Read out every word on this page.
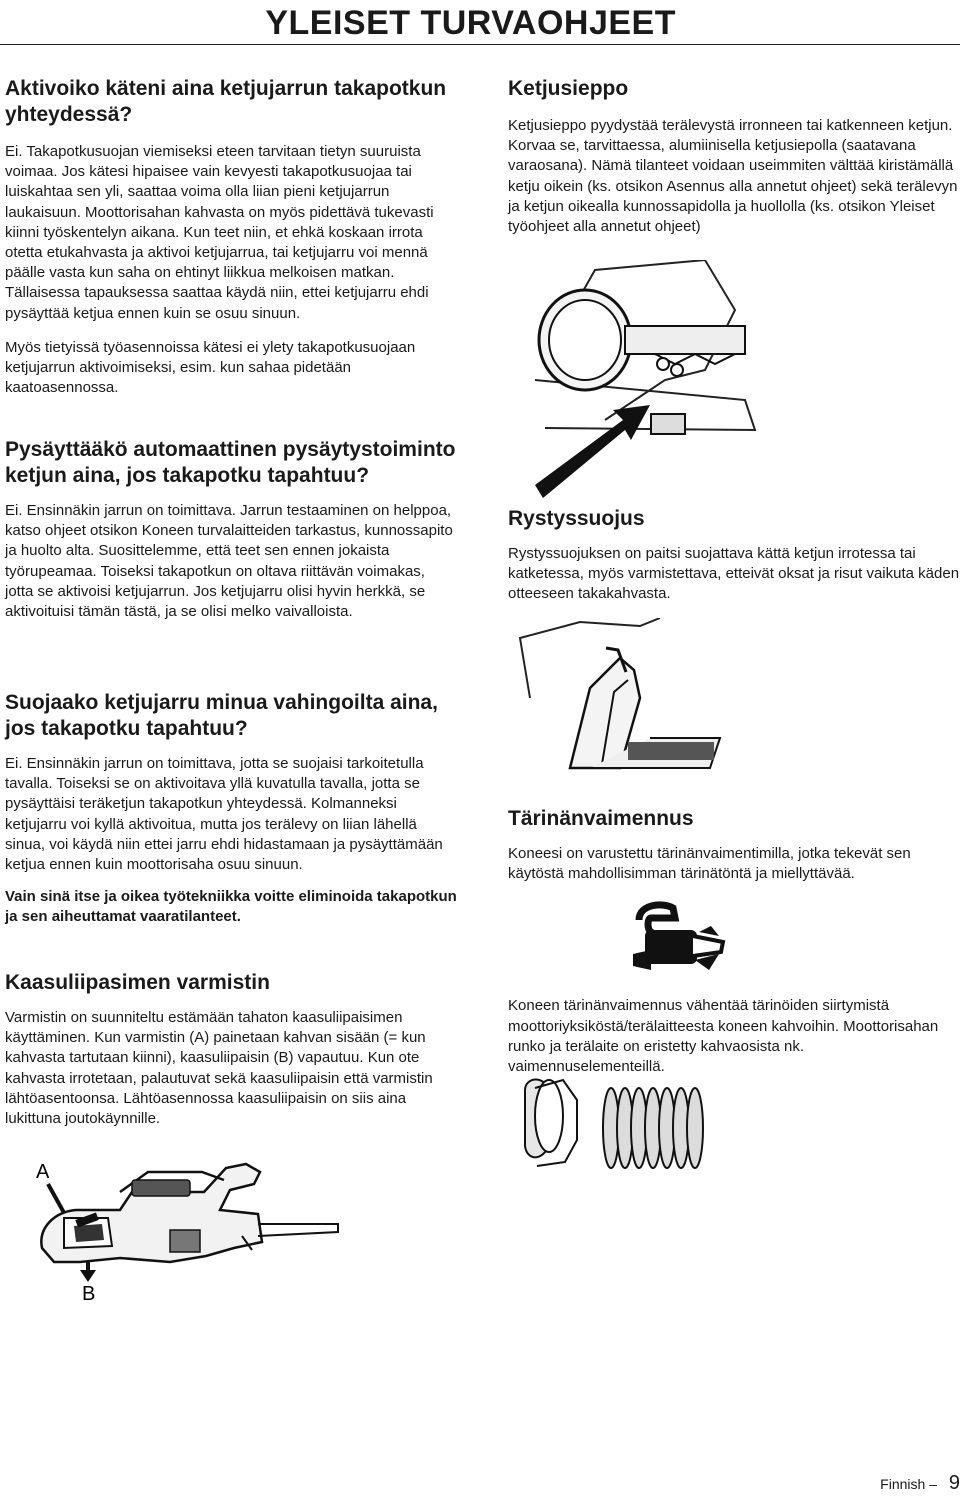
YLEISET TURVAOHJEET
Aktivoiko käteni aina ketjujarrun takapotkun yhteydessä?

Ei. Takapotkusuojan viemiseksi eteen tarvitaan tietyn suuruista voimaa. Jos kätesi hipaisee vain kevyesti takapotkusuojaa tai luiskahtaa sen yli, saattaa voima olla liian pieni ketjujarrun laukaisuun. Moottorisahan kahvasta on myös pidettävä tukevasti kiinni työskentelyn aikana. Kun teet niin, et ehkä koskaan irrota otetta etukahvasta ja aktivoi ketjujarrua, tai ketjujarru voi mennä päälle vasta kun saha on ehtinyt liikkua melkoisen matkan. Tällaisessa tapauksessa saattaa käydä niin, ettei ketjujarru ehdi pysäyttää ketjua ennen kuin se osuu sinuun.

Myös tietyissä työasennoissa kätesi ei ylety takapotkusuojaan ketjujarrun aktivoimiseksi, esim. kun sahaa pidetään kaatoasennossa.

Pysäyttääkö automaattinen pysäytystoiminto ketjun aina, jos takapotku tapahtuu?

Ei. Ensinnäkin jarrun on toimittava. Jarrun testaaminen on helppoa, katso ohjeet otsikon Koneen turvalaitteiden tarkastus, kunnossapito ja huolto alta. Suosittelemme, että teet sen ennen jokaista työrupeamaa. Toiseksi takapotkun on oltava riittävän voimakas, jotta se aktivoisi ketjujarrun. Jos ketjujarru olisi hyvin herkkä, se aktivoituisi tämän tästä, ja se olisi melko vaivalloista.

Suojaako ketjujarru minua vahingoilta aina, jos takapotku tapahtuu?

Ei. Ensinnäkin jarrun on toimittava, jotta se suojaisi tarkoitetulla tavalla. Toiseksi se on aktivoitava yllä kuvatulla tavalla, jotta se pysäyttäisi teräketjun takapotkun yhteydessä. Kolmanneksi ketjujarru voi kyllä aktivoitua, mutta jos terälevy on liian lähellä sinua, voi käydä niin ettei jarru ehdi hidastamaan ja pysäyttämään ketjua ennen kuin moottorisaha osuu sinuun.

Vain sinä itse ja oikea työtekniikka voitte eliminoida takapotkun ja sen aiheuttamat vaaratilanteet.

Kaasuliipasimen varmistin

Varmistin on suunniteltu estämään tahaton kaasuliipaisimen käyttäminen. Kun varmistin (A) painetaan kahvan sisään (= kun kahvasta tartutaan kiinni), kaasuliipaisin (B) vapautuu. Kun ote kahvasta irrotetaan, palautuvat sekä kaasuliipaisin että varmistin lähtöasentoonsa. Lähtöasennossa kaasuliipaisin on siis aina lukittuna joutokäynnille.

A
B
Ketjusieppo

Ketjusieppo pyydystää terälevystä irronneen tai katkenneen ketjun. Korvaa se, tarvittaessa, alumiinisella ketjusiepolla (saatavana varaosana). Nämä tilanteet voidaan useimmiten välttää kiristämällä ketju oikein (ks. otsikon Asennus alla annetut ohjeet) sekä terälevyn ja ketjun oikealla kunnossapidolla ja huollolla (ks. otsikon Yleiset työohjeet alla annetut ohjeet)

Rystyssuojus

Rystyssuojuksen on paitsi suojattava kättä ketjun irrotessa tai katketessa, myös varmistettava, etteivät oksat ja risut vaikuta käden otteeseen takakahvasta.

Tärinänvaimennus

Koneesi on varustettu tärinänvaimentimilla, jotka tekevät sen käytöstä mahdollisimman tärinätöntä ja miellyttävää.

Koneen tärinänvaimennus vähentää tärinöiden siirtymistä moottoriyksiköstä/terälaitteesta koneen kahvoihin. Moottorisahan runko ja terälaite on eristetty kahvaosista nk. vaimennuselementeillä.

Finnish – 9
